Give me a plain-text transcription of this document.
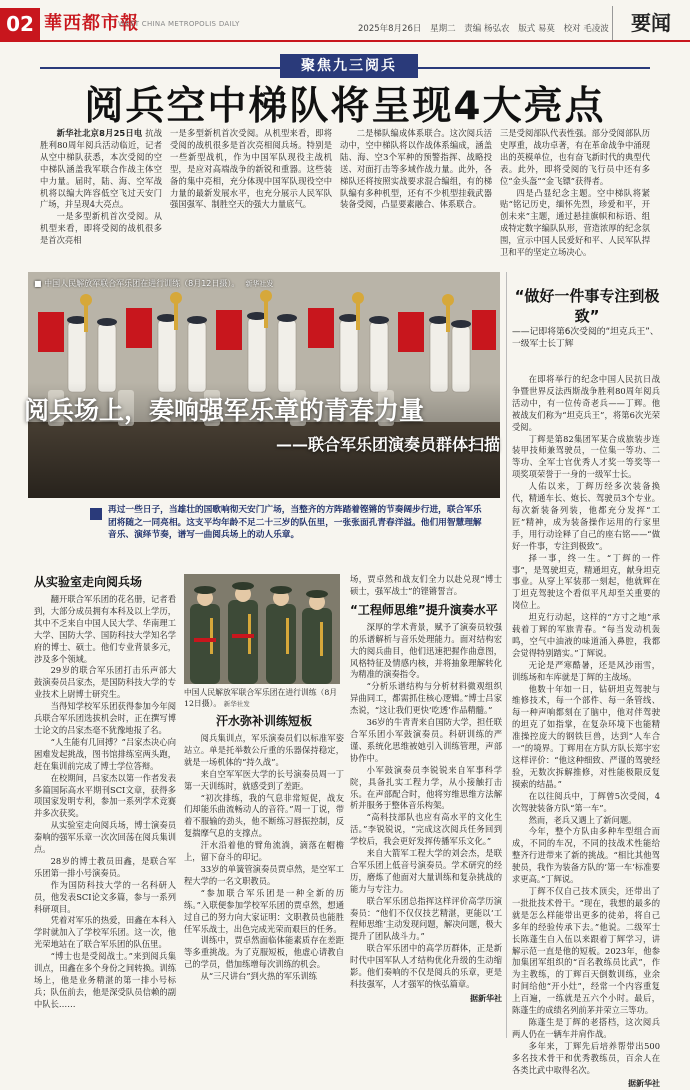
02 華西都市報
WEST CHINA METROPOLIS DAILY	2025年8月26日 星期二 责编 杨弘农 版式 易莫 校对 毛凌波	要闻
聚焦九三阅兵
阅兵空中梯队将呈现4大亮点

新华社北京8月25日电 抗战胜利80周年阅兵活动临近，记者从空中梯队获悉，本次受阅的空中梯队涵盖我军联合作战主体空中力量。届时，陆、海、空军战机将以编大阵容低空飞过天安门广场，并呈现4大亮点。

一是多型新机首次受阅。从机型来看，即将受阅的战机很多是首次亮相

一是多型新机首次受阅。从机型来看，即将受阅的战机很多是首次亮相阅兵场。特别是一些新型战机，作为中国军队现役主战机型，是应对高端战争的新锐和重器。这些装备的集中亮相，充分体现中国军队现役空中力量的最新发展水平，也充分展示人民军队强国强军、制胜空天的强大力量底气。

二是梯队编成体系联合。这次阅兵活动中，空中梯队将以作战体系编成，涵盖陆、海、空3个军种的预警指挥、战略投送、对面打击等多域作战力量。此外，各梯队还将按照实战要求混合编组，有的梯队编有多种机型，还有不少机型挂载武器装备受阅，凸显要素融合、体系联合。

三是受阅部队代表性强。部分受阅部队历史厚重，战功卓著，有在革命战争中涌现出的英模单位，也有奋飞新时代的典型代表。此外，即将受阅的飞行员中还有多位“金头盔”“金飞镖”获得者。

四是凸显纪念主题。空中梯队将紧贴“铭记历史，缅怀先烈，珍爱和平，开创未来”主题，通过悬挂旗帜和标语、组成特定数字编队队形，营造浓厚的纪念氛围，宣示中国人民爱好和平、人民军队捍卫和平的坚定立场决心。

■ 中国人民解放军联合军乐团在进行训练（8月12日摄）。 新华社发
阅兵场上，奏响强军乐章的青春力量
——联合军乐团演奏员群体扫描
再过一些日子，当雄壮的国歌响彻天安门广场，当整齐的方阵踏着铿锵的节奏阔步行进，联合军乐团将随之一同亮相。这支平均年龄不足二十三岁的队伍里，一张张面孔青春洋溢。他们用智慧理解音乐、演绎节奏，谱写一曲阅兵场上的动人乐章。
从实验室走向阅兵场

翻开联合军乐团的花名册，记者看到，大部分成员拥有本科及以上学历，其中不乏来自中国人民大学、华南理工大学、国防大学、国防科技大学知名学府的博士、硕士。他们专业背景多元，涉及多个领域。

29岁的联合军乐团打击乐声部大鼓演奏员吕家杰，是国防科技大学的专业技术上尉博士研究生。

当得知学校军乐团获得参加今年阅兵联合军乐团选拔机会时，正在撰写博士论文的吕家杰毫不犹豫地报了名。

“人生能有几回搏？”吕家杰决心向困难发起挑战，图书馆排练室两头跑，赶在集训前完成了博士学位答辩。

在校期间，吕家杰以第一作者发表多篇国际高水平期刊SCI文章，获得多项国家发明专利，参加一系列学术竞赛并多次获奖。

从实验室走向阅兵场，博士演奏员秦响的强军乐章一次次回荡在阅兵集训点。

28岁的博士教员田鑫，是联合军乐团第一排小号演奏员。

作为国防科技大学的一名科研人员，他发表SCI论文多篇，参与一系列科研项目。

凭着对军乐的热爱，田鑫在本科入学时就加入了学校军乐团。这一次，他光荣地站在了联合军乐团的队伍里。

“博士也是受阅战士。”来到阅兵集训点，田鑫在多个身份之间转换。训练场上，他是业务精湛的第一排小号标兵；队伍前去，他是深受队员信赖的副中队长……

中国人民解放军联合军乐团在进行训练（8月12日摄）。 新华社发
汗水弥补训练短板

阅兵集训点，军乐演奏员们以标准军姿站立。单是托举数公斤重的乐器保持稳定，就是一场机体的“持久战”。

来自空军军医大学的长号演奏员周一丁第一天训练时，就感受到了差距。

“初次排练，我的气息非常短促，战友们却能乐曲流畅动人的音符。”周一丁说，带着不服输的劲头，他不断练习唇振控制，反复揣摩气息的支撑点。

汗水沿着他的臂角流淌，滴落在帽檐上，留下奋斗的印记。

33岁的单簧管演奏员贾卓然，是空军工程大学的一名文职教员。

“参加联合军乐团是一种全新的历练。”入联便参加学校军乐团的贾卓然，想通过自己的努力向大家证明：文职教员也能胜任军乐战士，出色完成光荣而艰巨的任务。

训练中，贾卓然面临体能素质存在差距等多重挑战。为了克服短板，他虚心请教自己的学员，借加练增每次训练的机会。

从“三尺讲台”到火热的军乐训练

场，贾卓然和战友们全力以赴兑现“博士硕士，强军战士”的铿锵誓言。

“工程师思维”提升演奏水平

深厚的学术背景，赋予了演奏员较强的乐谱解析与音乐处理能力。面对结构宏大的阅兵曲目，他们迅速把握作曲意图，风格特征及情感内核，并将抽象理解转化为精准的演奏指令。

“分析乐谱结构与分析材料微观组织异曲同工，都需抓住核心逻辑。”博士吕家杰说，“这让我们更快‘吃透’作品精髓。”

36岁的牛青青来自国防大学，担任联合军乐团小军鼓演奏员。科研训练的严谨、系统化思维被她引入训练管理，声部协作中。

小军鼓演奏员李锐锐来自军事科学院，具备扎实工程力学，从小接触打击乐。在声部配合时，他将穷维思维方法解析并服务于整体音乐构架。

“高科技部队也应有高水平的文化生活。”李锐锐说，“完成这次阅兵任务回到学校后，我会更好发挥传播军乐文化。”

来自大箭军工程大学的刘会杰，是联合军乐团上低音号演奏员。学术研究的经历，磨炼了他面对大量训练和复杂挑战的能力与专注力。

联合军乐团总指挥这样评价高学历演奏员：“他们不仅仅技艺精湛，更能以‘工程师思维’主动发现问题，解决问题，极大提升了团队战斗力。”

联合军乐团中的高学历群体，正是新时代中国军队人才结构优化升级的生动缩影。他们奏响的不仅是阅兵的乐章，更是科技强军，人才强军的恢弘篇章。

据新华社
“做好一件事专注到极致”
——记即将第6次受阅的“坦克兵王”、一级军士长丁辉

在即将举行的纪念中国人民抗日战争暨世界反法西斯战争胜利80周年阅兵活动中，有一位传奇老兵——丁辉。他被战友们称为“坦克兵王”，将第6次光荣受阅。

丁辉是第82集团军某合成旅装步连装甲技师兼驾驶员，一位集一等功、二等功、全军士官优秀人才奖一等奖等一项奖项荣誉于一身的一级军士长。

人佑以来，丁辉历经多次装备换代，精通车长、炮长、驾驶员3个专业。每次新装备列装，他都充分发挥“工匠”精神，成为装备操作运用的行家里手，用行动诠释了自己的座右铭——“做好一件事，专注到极致”。

择一事，终一生。“丁辉的一件事”，是驾驶坦克，精通坦克，献身坦克事业。从穿上军装那一刻起，他就辉在丁坦克驾驶这个看似平凡却至关重要的岗位上。

坦克行动起，这样的“方寸之地”承载着丁辉的军旅青春。“每当发动机轰鸣，空气中油液的味道涌入鼻腔，我都会觉得特别踏实。”丁辉说。

无论是严寒酷暑，还是风沙雨雪，训练场和车库就是丁辉的主战场。

他数十年如一日，钻研坦克驾驶与维修技术，每一个部件、每一条管线、每一种声响都刻在了脑中，他对伴驾驶的坦克了如指掌，在复杂环境下也能精准操控庞大的钢铁巨兽，达到“人车合一”的境界。丁辉用在方队方队长郑宇宏这样评价：“他这种细致、严谨的驾驶经验，无数次拆解推修，对性能极限反复摸索的结晶。”

在以往阅兵中，丁辉曾5次受阅，4次驾驶装备方队“第一车”。

然而，老兵又遇上了新问题。

今年，整个方队由多种车型组合而成，不同的车况，不同的技战术性能给整齐行进带来了新的挑战。“相比其他驾驶员，我作为装备方队的‘第一车’标准要求更高。”丁辉说。

丁辉不仅自己技术顶尖，还带出了一批批技术骨干。“现在，我想的最多的就是怎么样能带出更多的徒弟，将自己多年的经验传承下去。”他说。二级军士长陈蓬生自入伍以来跟着丁辉学习，讲解示范一直是他的短板。2023年，他参加集团军组织的“百名教练员比武”，作为主教练，的丁辉百天倒数训练，业余时间给他“开小灶”，经常一个内容重复上百遍，一练就是五六个小时。最后，陈蓬生的成绩名列前茅并荣立三等功。

陈蓬生是丁辉的老搭档，这次阅兵两人仍在一辆车并肩作战。

多年来，丁辉先后培养帮带出500多名技术骨干和优秀教练员，百余人在各类比武中取得名次。

据新华社
